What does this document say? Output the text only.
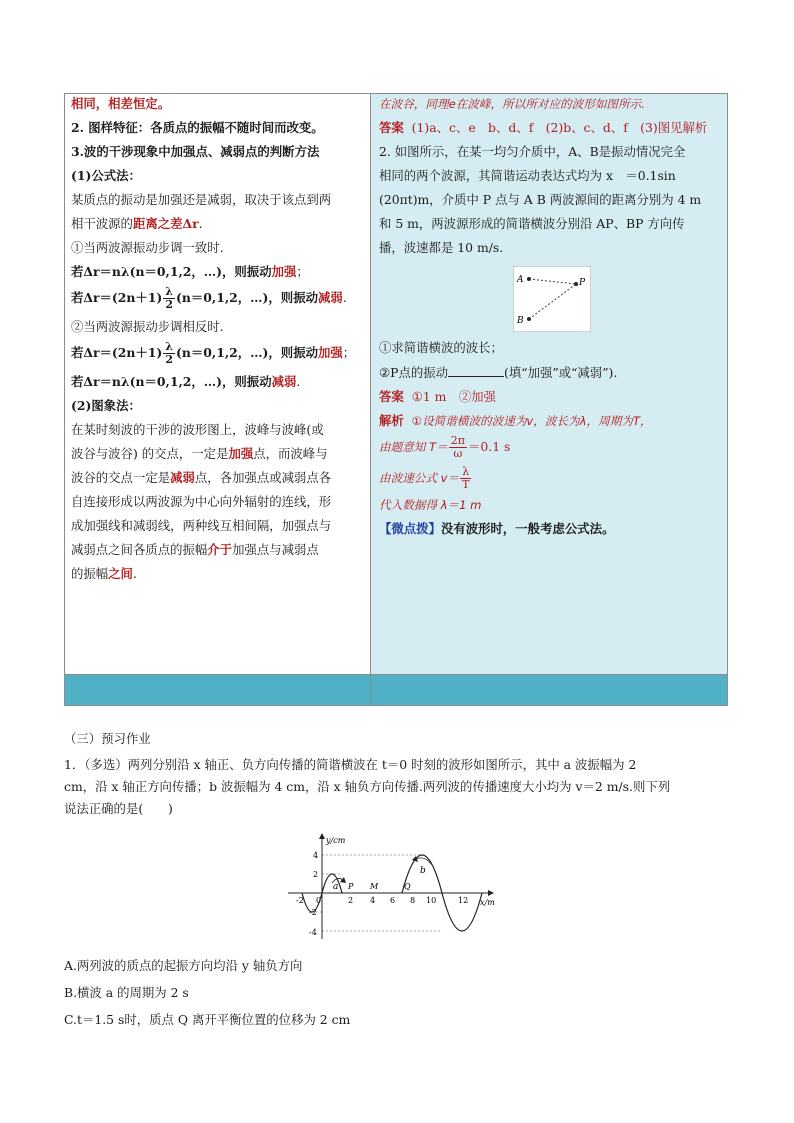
相同，相差恒定。

2. 图样特征：各质点的振幅不随时间而改变。

3.波的干涉现象中加强点、减弱点的判断方法

(1)公式法：

某质点的振动是加强还是减弱，取决于该点到两

相干波源的距离之差Δr.

①当两波源振动步调一致时.

若Δr＝nλ(n＝0,1,2，…)，则振动加强；

若$\Delta r=(2n+1) \frac{\lambda}{2} (n=0,1,2$，…)，则振动减弱.

②当两波源振动步调相反时.

若$\Delta r=(2n+1) \frac{\lambda}{2} (n=0,1,2$，…)，则振动加强；

若Δr＝nλ(n＝0,1,2，…)，则振动减弱.

(2)图象法：

在某时刻波的干涉的波形图上，波峰与波峰(或

波谷与波谷) 的交点，一定是加强点，而波峰与

波谷的交点一定是减弱点，各加强点或减弱点各

自连接形成以两波源为中心向外辐射的连线，形

成加强线和减弱线，两种线互相间隔，加强点与

减弱点之间各质点的振幅介于加强点与减弱点

的振幅之间.

在波谷，同理e在波峰，所以所对应的波形如图所示.

答案 (1)a、c、e　b、d、f　(2)b、c、d、f　(3)图见解析

2. 如图所示，在某一均匀介质中，A、B是振动情况完全

相同的两个波源，其简谐运动表达式均为 x　＝0.1sin

(20πt)m，介质中 P 点与 A B 两波源间的距离分别为 4 m

和 5 m，两波源形成的简谐横波分别沿 AP、BP 方向传

播，波速都是 10 m/s.

A
B
P

①求简谐横波的波长；

②P点的振动	(填“加强”或“减弱”).

答案 ①1 m　②加强

解析 ①设简谐横波的波速为v，波长为λ，周期为T，

由题意知 $T= \frac{2\pi}{\omega} =0.1$ s

由波速公式 $v= \frac{\lambda}{T}$

代入数据得 λ＝1 m

【微点拨】没有波形时，一般考虑公式法。

（三）预习作业
1．（多选）两列分别沿 x 轴正、负方向传播的简谐横波在 t＝0 时刻的波形如图所示，其中 a 波振幅为 2
cm，沿 x 轴正方向传播；b 波振幅为 4 cm，沿 x 轴负方向传播.两列波的传播速度大小均为 v＝2 m/s.则下列
说法正确的是(　　)
y/cm
x/m
4
2
-2
-4
-2 0	2 4 6 8 10	12
a
b
P M	Q
A.两列波的质点的起振方向均沿 y 轴负方向
B.横波 a 的周期为 2 s
C.t＝1.5 s时，质点 Q 离开平衡位置的位移为 2 cm
